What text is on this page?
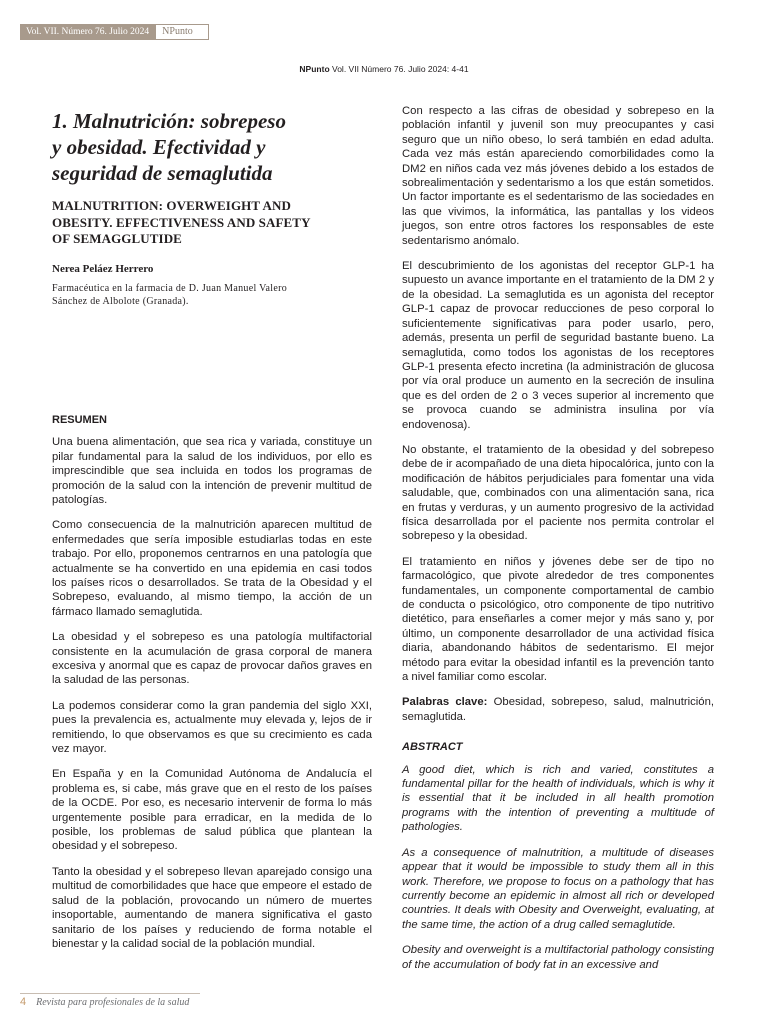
Vol. VII. Número 76. Julio 2024	NPunto
NPunto Vol. VII Número 76. Julio 2024: 4-41
1. Malnutrición: sobrepeso
y obesidad. Efectividad y
seguridad de semaglutida
MALNUTRITION: OVERWEIGHT AND
OBESITY. EFFECTIVENESS AND SAFETY
OF SEMAGGLUTIDE

Nerea Peláez Herrero

Farmacéutica en la farmacia de D. Juan Manuel Valero
Sánchez de Albolote (Granada).

RESUMEN

Una buena alimentación, que sea rica y variada, constituye un pilar fundamental para la salud de los individuos, por ello es imprescindible que sea incluida en todos los programas de promoción de la salud con la intención de prevenir multitud de patologías.

Como consecuencia de la malnutrición aparecen multitud de enfermedades que sería imposible estudiarlas todas en este trabajo. Por ello, proponemos centrarnos en una patología que actualmente se ha convertido en una epidemia en casi todos los países ricos o desarrollados. Se trata de la Obesidad y el Sobrepeso, evaluando, al mismo tiempo, la acción de un fármaco llamado semaglutida.

La obesidad y el sobrepeso es una patología multifactorial consistente en la acumulación de grasa corporal de manera excesiva y anormal que es capaz de provocar daños graves en la saludad de las personas.

La podemos considerar como la gran pandemia del siglo XXI, pues la prevalencia es, actualmente muy elevada y, lejos de ir remitiendo, lo que observamos es que su crecimiento es cada vez mayor.

En España y en la Comunidad Autónoma de Andalucía el problema es, si cabe, más grave que en el resto de los países de la OCDE. Por eso, es necesario intervenir de forma lo más urgentemente posible para erradicar, en la medida de lo posible, los problemas de salud pública que plantean la obesidad y el sobrepeso.

Tanto la obesidad y el sobrepeso llevan aparejado consigo una multitud de comorbilidades que hace que empeore el estado de salud de la población, provocando un número de muertes insoportable, aumentando de manera significativa el gasto sanitario de los países y reduciendo de forma notable el bienestar y la calidad social de la población mundial.

Con respecto a las cifras de obesidad y sobrepeso en la población infantil y juvenil son muy preocupantes y casi seguro que un niño obeso, lo será también en edad adulta. Cada vez más están apareciendo comorbilidades como la DM2 en niños cada vez más jóvenes debido a los estados de sobrealimentación y sedentarismo a los que están sometidos. Un factor importante es el sedentarismo de las sociedades en las que vivimos, la informática, las pantallas y los videos juegos, son entre otros factores los responsables de este sedentarismo anómalo.

El descubrimiento de los agonistas del receptor GLP-1 ha supuesto un avance importante en el tratamiento de la DM 2 y de la obesidad. La semaglutida es un agonista del receptor GLP-1 capaz de provocar reducciones de peso corporal lo suficientemente significativas para poder usarlo, pero, además, presenta un perfil de seguridad bastante bueno. La semaglutida, como todos los agonistas de los receptores GLP-1 presenta efecto incretina (la administración de glucosa por vía oral produce un aumento en la secreción de insulina que es del orden de 2 o 3 veces superior al incremento que se provoca cuando se administra insulina por vía endovenosa).

No obstante, el tratamiento de la obesidad y del sobrepeso debe de ir acompañado de una dieta hipocalórica, junto con la modificación de hábitos perjudiciales para fomentar una vida saludable, que, combinados con una alimentación sana, rica en frutas y verduras, y un aumento progresivo de la actividad física desarrollada por el paciente nos permita controlar el sobrepeso y la obesidad.

El tratamiento en niños y jóvenes debe ser de tipo no farmacológico, que pivote alrededor de tres componentes fundamentales, un componente comportamental de cambio de conducta o psicológico, otro componente de tipo nutritivo dietético, para enseñarles a comer mejor y más sano y, por último, un componente desarrollador de una actividad física diaria, abandonando hábitos de sedentarismo. El mejor método para evitar la obesidad infantil es la prevención tanto a nivel familiar como escolar.

Palabras clave: Obesidad, sobrepeso, salud, malnutrición, semaglutida.

ABSTRACT

A good diet, which is rich and varied, constitutes a fundamental pillar for the health of individuals, which is why it is essential that it be included in all health promotion programs with the intention of preventing a multitude of pathologies.

As a consequence of malnutrition, a multitude of diseases appear that it would be impossible to study them all in this work. Therefore, we propose to focus on a pathology that has currently become an epidemic in almost all rich or developed countries. It deals with Obesity and Overweight, evaluating, at the same time, the action of a drug called semaglutide.

Obesity and overweight is a multifactorial pathology consisting of the accumulation of body fat in an excessive and

4 Revista para profesionales de la salud
